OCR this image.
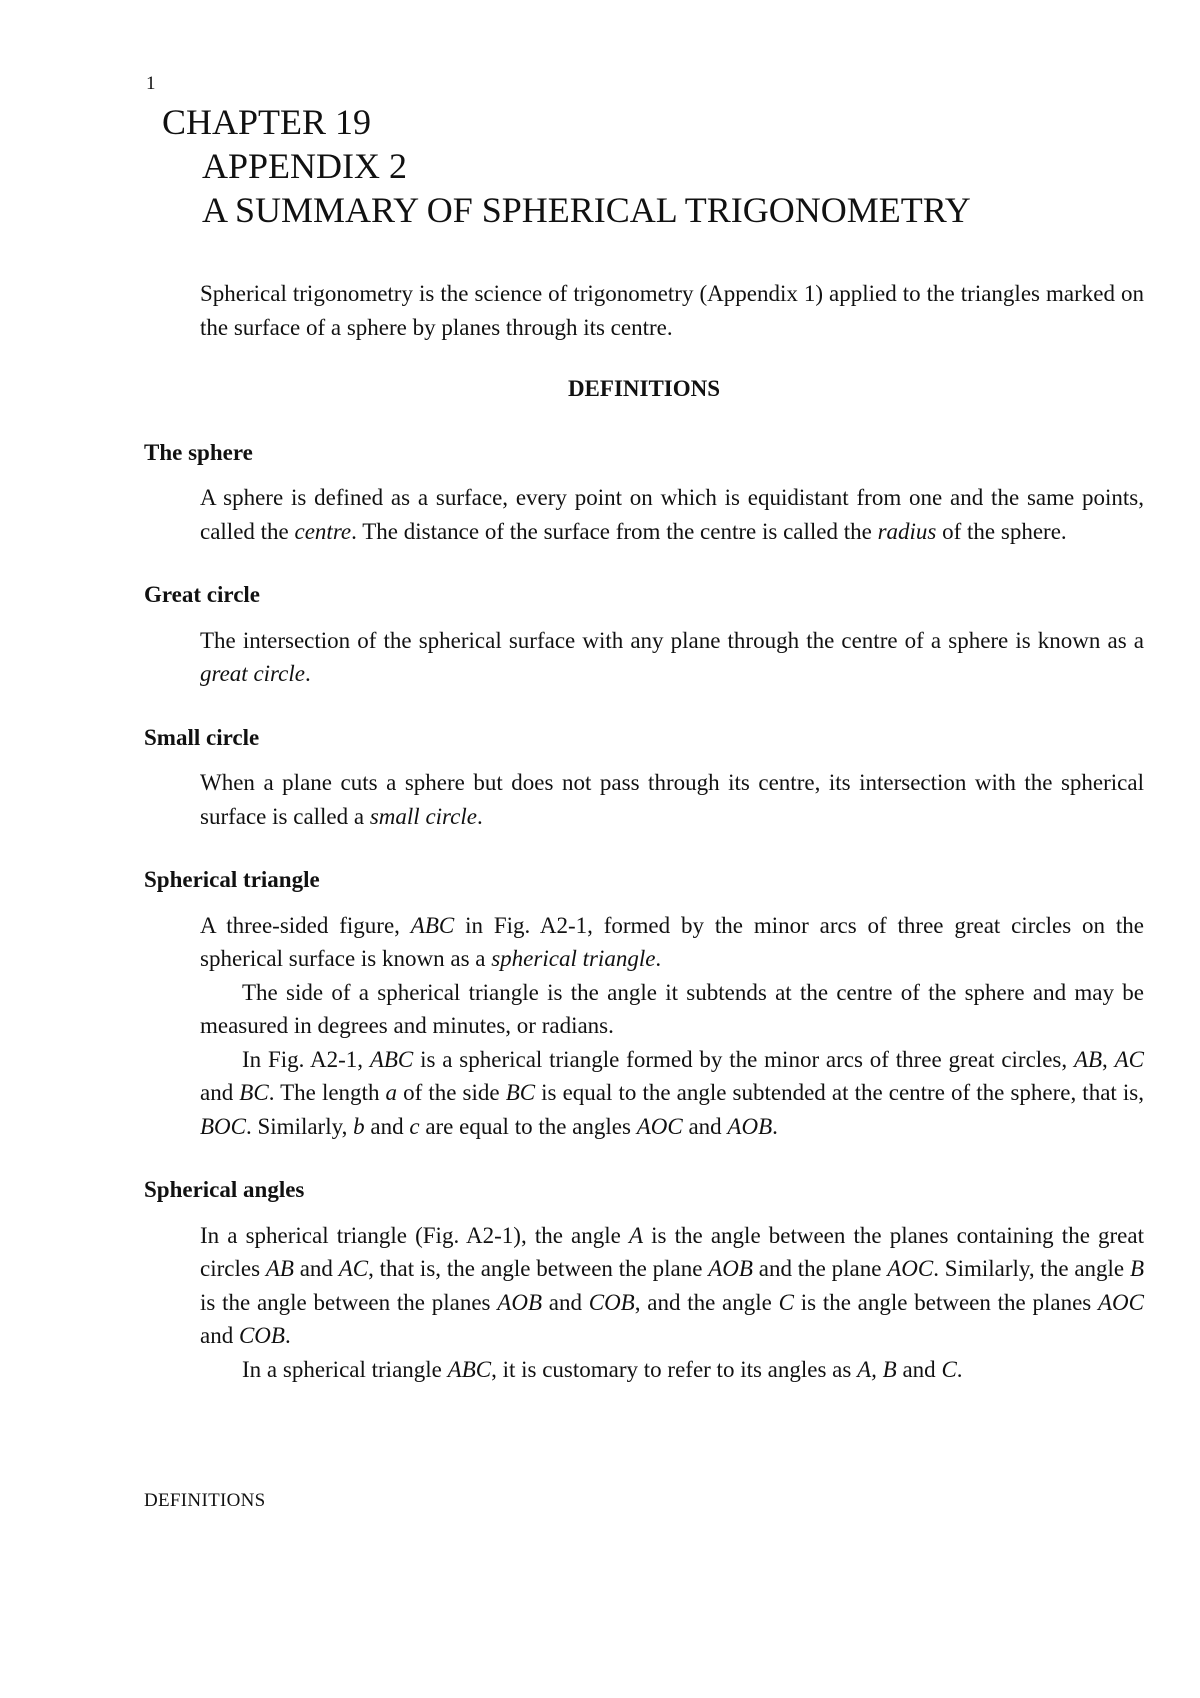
1
CHAPTER 19
APPENDIX 2
A SUMMARY OF SPHERICAL TRIGONOMETRY

Spherical trigonometry is the science of trigonometry (Appendix 1) applied to the triangles marked on the surface of a sphere by planes through its centre.

DEFINITIONS

The sphere

A sphere is defined as a surface, every point on which is equidistant from one and the same points, called the centre. The distance of the surface from the centre is called the radius of the sphere.

Great circle

The intersection of the spherical surface with any plane through the centre of a sphere is known as a great circle.

Small circle

When a plane cuts a sphere but does not pass through its centre, its intersection with the spherical surface is called a small circle.

Spherical triangle

A three-sided figure, ABC in Fig. A2-1, formed by the minor arcs of three great circles on the spherical surface is known as a spherical triangle.

The side of a spherical triangle is the angle it subtends at the centre of the sphere and may be measured in degrees and minutes, or radians.

In Fig. A2-1, ABC is a spherical triangle formed by the minor arcs of three great circles, AB, AC and BC. The length a of the side BC is equal to the angle subtended at the centre of the sphere, that is, BOC. Similarly, b and c are equal to the angles AOC and AOB.

Spherical angles

In a spherical triangle (Fig. A2-1), the angle A is the angle between the planes containing the great circles AB and AC, that is, the angle between the plane AOB and the plane AOC. Similarly, the angle B is the angle between the planes AOB and COB, and the angle C is the angle between the planes AOC and COB.

In a spherical triangle ABC, it is customary to refer to its angles as A, B and C.

DEFINITIONS
